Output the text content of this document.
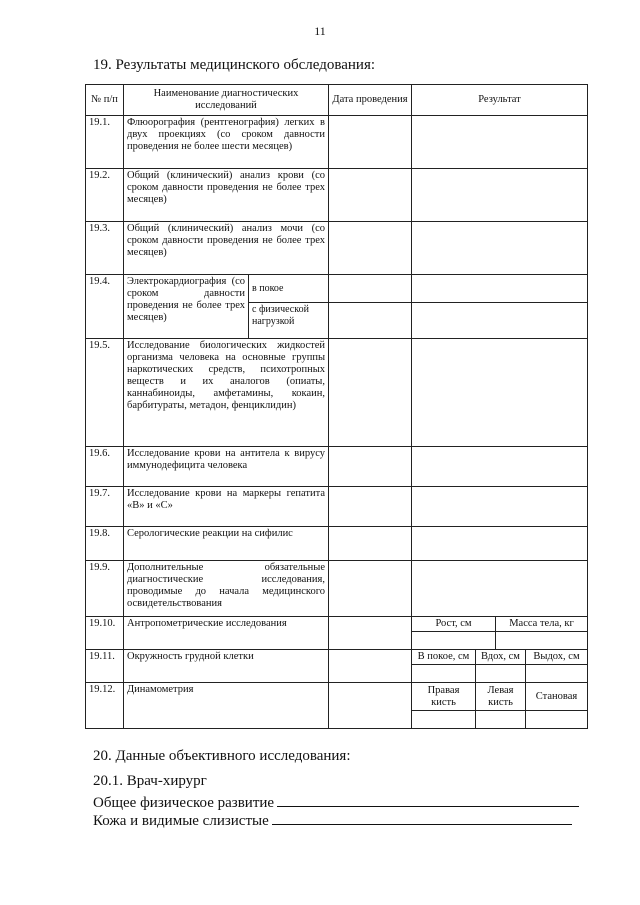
11
19. Результаты медицинского обследования:
№ п/п	Наименование диагностических исследований		Дата проведения	Результат			
19.1.	Флюорография (рентгенография) легких в двух проекциях (со сроком давности проведения не более шести месяцев)						
19.2.	Общий (клинический) анализ крови (со сроком давности проведения не более трех месяцев)						
19.3.	Общий (клинический) анализ мочи (со сроком давности проведения не более трех месяцев)						
19.4.	Электрокардиография (со сроком давности проведения не более трех месяцев)	в покое					
		с физической нагрузкой					
19.5.	Исследование биологических жидкостей организма человека на основные группы наркотических средств, психотропных веществ и их аналогов (опиаты, каннабиноиды, амфетамины, кокаин, барбитураты, метадон, фенциклидин)						
19.6.	Исследование крови на антитела к вирусу иммунодефицита человека						
19.7.	Исследование крови на маркеры гепатита «В» и «С»						
19.8.	Серологические реакции на сифилис						
19.9.	Дополнительные обязательные диагностические исследования, проводимые до начала медицинского освидетельствования						
19.10.	Антропометрические исследования			Рост, см		Масса тела, кг	

19.11.	Окружность грудной клетки			В покое, см	Вдох, см		Выдох, см

19.12.	Динамометрия			Правая кисть	Левая кисть		Становая

20. Данные объективного исследования:
20.1. Врач-хирург
Общее физическое развитие
Кожа и видимые слизистые
